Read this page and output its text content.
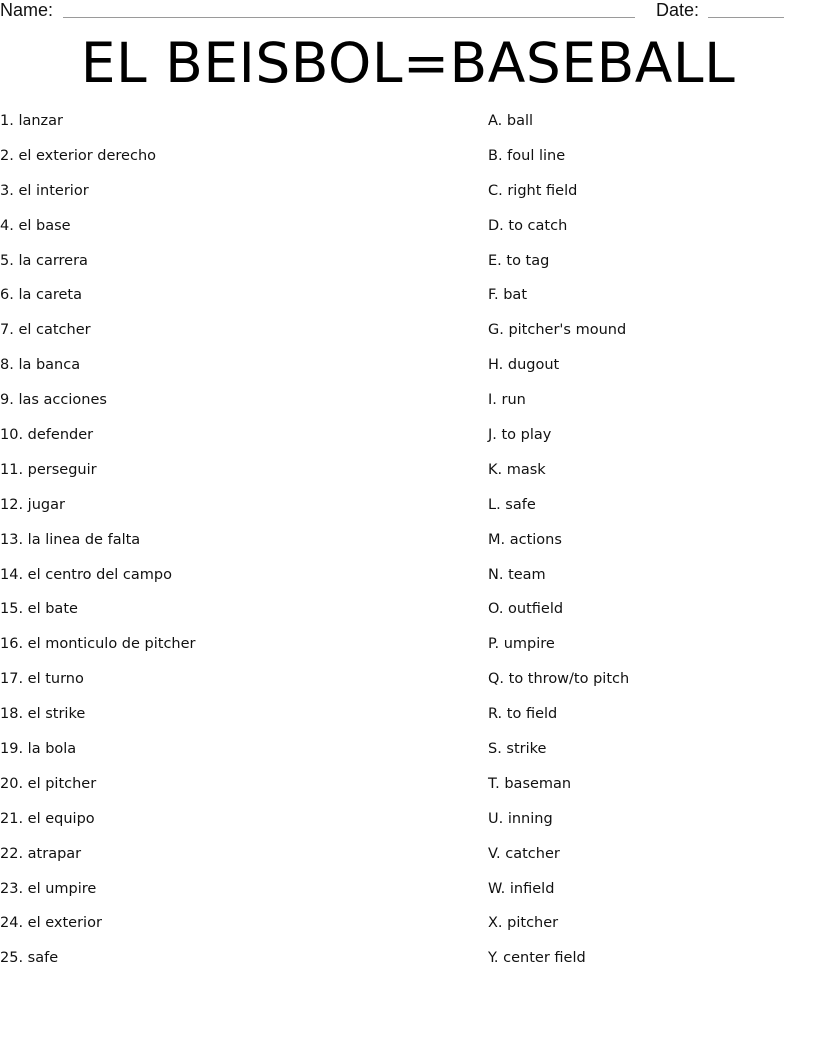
Name:	Date:
EL BEISBOL=BASEBALL
1. lanzar
2. el exterior derecho
3. el interior
4. el base
5. la carrera
6. la careta
7. el catcher
8. la banca
9. las acciones
10. defender
11. perseguir
12. jugar
13. la linea de falta
14. el centro del campo
15. el bate
16. el monticulo de pitcher
17. el turno
18. el strike
19. la bola
20. el pitcher
21. el equipo
22. atrapar
23. el umpire
24. el exterior
25. safe
A. ball
B. foul line
C. right field
D. to catch
E. to tag
F. bat
G. pitcher's mound
H. dugout
I. run
J. to play
K. mask
L. safe
M. actions
N. team
O. outfield
P. umpire
Q. to throw/to pitch
R. to field
S. strike
T. baseman
U. inning
V. catcher
W. infield
X. pitcher
Y. center field
